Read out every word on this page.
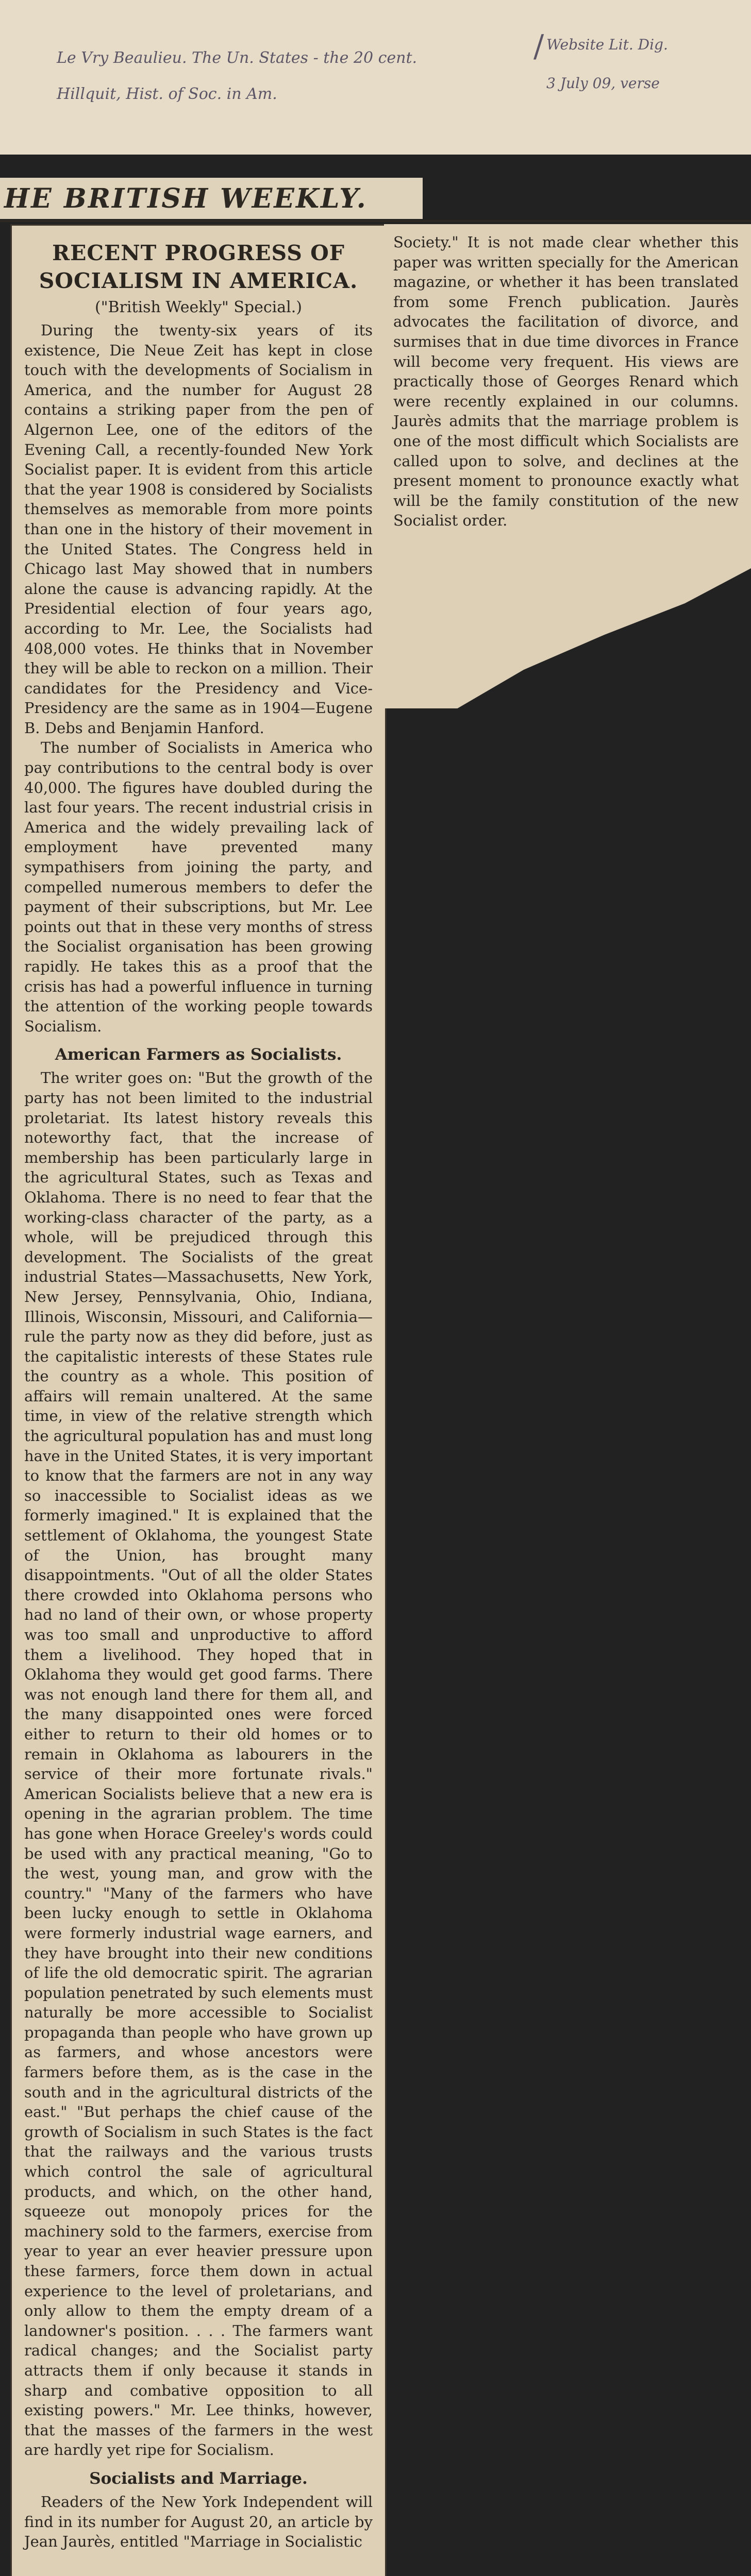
Le Vry Beaulieu. The Un. States - the 20 cent.
Hillquit, Hist. of Soc. in Am.
/ Website Lit. Dig.
3 July 09, verse
HE BRITISH WEEKLY.
RECENT PROGRESS OF SOCIALISM IN AMERICA.
("British Weekly" Special.)

During the twenty-six years of its existence, Die Neue Zeit has kept in close touch with the developments of Socialism in America, and the number for August 28 contains a striking paper from the pen of Algernon Lee, one of the editors of the Evening Call, a recently-founded New York Socialist paper. It is evident from this article that the year 1908 is considered by Socialists themselves as memorable from more points than one in the history of their movement in the United States. The Congress held in Chicago last May showed that in numbers alone the cause is advancing rapidly. At the Presidential election of four years ago, according to Mr. Lee, the Socialists had 408,000 votes. He thinks that in November they will be able to reckon on a million. Their candidates for the Presidency and Vice-Presidency are the same as in 1904—Eugene B. Debs and Benjamin Hanford.

The number of Socialists in America who pay contributions to the central body is over 40,000. The figures have doubled during the last four years. The recent industrial crisis in America and the widely prevailing lack of employment have prevented many sympathisers from joining the party, and compelled numerous members to defer the payment of their subscriptions, but Mr. Lee points out that in these very months of stress the Socialist organisation has been growing rapidly. He takes this as a proof that the crisis has had a powerful influence in turning the attention of the working people towards Socialism.

American Farmers as Socialists.

The writer goes on: "But the growth of the party has not been limited to the industrial proletariat. Its latest history reveals this noteworthy fact, that the increase of membership has been particularly large in the agricultural States, such as Texas and Oklahoma. There is no need to fear that the working-class character of the party, as a whole, will be prejudiced through this development. The Socialists of the great industrial States—Massachusetts, New York, New Jersey, Pennsylvania, Ohio, Indiana, Illinois, Wisconsin, Missouri, and California—rule the party now as they did before, just as the capitalistic interests of these States rule the country as a whole. This position of affairs will remain unaltered. At the same time, in view of the relative strength which the agricultural population has and must long have in the United States, it is very important to know that the farmers are not in any way so inaccessible to Socialist ideas as we formerly imagined." It is explained that the settlement of Oklahoma, the youngest State of the Union, has brought many disappointments. "Out of all the older States there crowded into Oklahoma persons who had no land of their own, or whose property was too small and unproductive to afford them a livelihood. They hoped that in Oklahoma they would get good farms. There was not enough land there for them all, and the many disappointed ones were forced either to return to their old homes or to remain in Oklahoma as labourers in the service of their more fortunate rivals." American Socialists believe that a new era is opening in the agrarian problem. The time has gone when Horace Greeley's words could be used with any practical meaning, "Go to the west, young man, and grow with the country." "Many of the farmers who have been lucky enough to settle in Oklahoma were formerly industrial wage earners, and they have brought into their new conditions of life the old democratic spirit. The agrarian population penetrated by such elements must naturally be more accessible to Socialist propaganda than people who have grown up as farmers, and whose ancestors were farmers before them, as is the case in the south and in the agricultural districts of the east." "But perhaps the chief cause of the growth of Socialism in such States is the fact that the railways and the various trusts which control the sale of agricultural products, and which, on the other hand, squeeze out monopoly prices for the machinery sold to the farmers, exercise from year to year an ever heavier pressure upon these farmers, force them down in actual experience to the level of proletarians, and only allow to them the empty dream of a landowner's position. . . . The farmers want radical changes; and the Socialist party attracts them if only because it stands in sharp and combative opposition to all existing powers." Mr. Lee thinks, however, that the masses of the farmers in the west are hardly yet ripe for Socialism.

Socialists and Marriage.

Readers of the New York Independent will find in its number for August 20, an article by Jean Jaurès, entitled "Marriage in Socialistic

Society." It is not made clear whether this paper was written specially for the American magazine, or whether it has been translated from some French publication. Jaurès advocates the facilitation of divorce, and surmises that in due time divorces in France will become very frequent. His views are practically those of Georges Renard which were recently explained in our columns. Jaurès admits that the marriage problem is one of the most difficult which Socialists are called upon to solve, and declines at the present moment to pronounce exactly what will be the family constitution of the new Socialist order.
